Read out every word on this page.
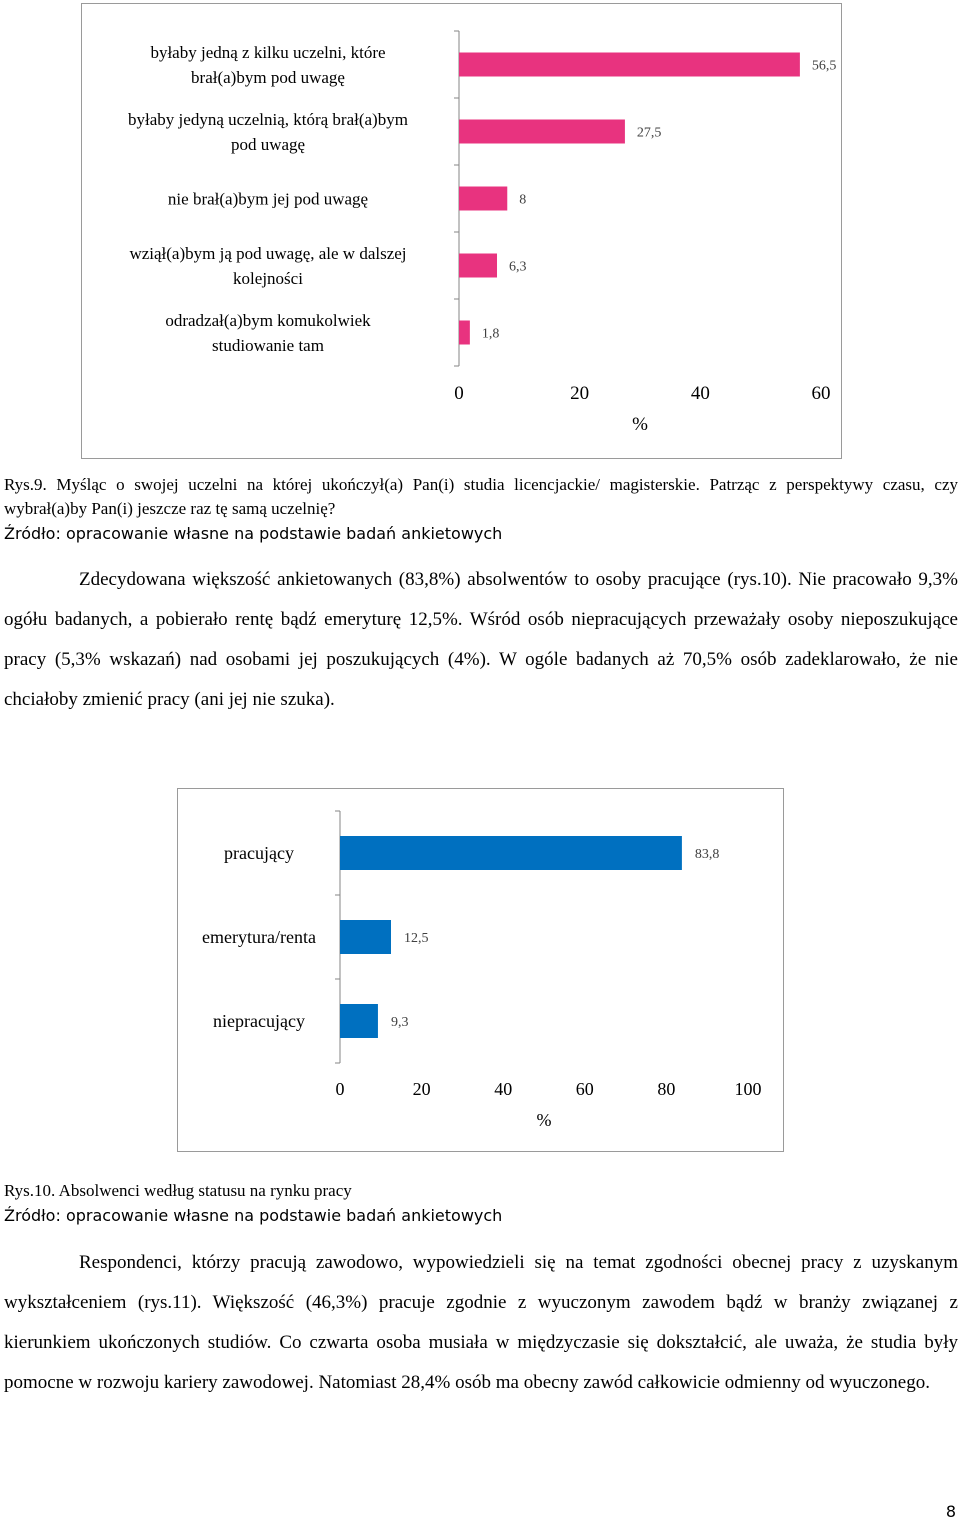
56,5
byłaby jedną z kilku uczelni, które
brał(a)bym pod uwagę
27,5
byłaby jedyną uczelnią, którą brał(a)bym
pod uwagę
8
nie brał(a)bym jej pod uwagę
6,3
wziął(a)bym ją pod uwagę, ale w dalszej
kolejności
1,8
odradzał(a)bym komukolwiek
studiowanie tam
0	20	40	60
%
Rys.9. Myśląc o swojej uczelni na której ukończył(a) Pan(i) studia licencjackie/ magisterskie. Patrząc z perspektywy czasu, czy wybrał(a)by Pan(i) jeszcze raz tę samą uczelnię?
Źródło: opracowanie własne na podstawie badań ankietowych
Zdecydowana większość ankietowanych (83,8%) absolwentów to osoby pracujące (rys.10). Nie pracowało 9,3% ogółu badanych, a pobierało rentę bądź emeryturę 12,5%. Wśród osób niepracujących przeważały osoby nieposzukujące pracy (5,3% wskazań) nad osobami jej poszukujących (4%). W ogóle badanych aż 70,5% osób zadeklarowało, że nie chciałoby zmienić pracy (ani jej nie szuka).
83,8
pracujący
12,5
emerytura/renta
9,3
niepracujący
0	20	40	60	80	100
%
Rys.10. Absolwenci według statusu na rynku pracy
Źródło: opracowanie własne na podstawie badań ankietowych
Respondenci, którzy pracują zawodowo, wypowiedzieli się na temat zgodności obecnej pracy z uzyskanym wykształceniem (rys.11). Większość (46,3%) pracuje zgodnie z wyuczonym zawodem bądź w branży związanej z kierunkiem ukończonych studiów. Co czwarta osoba musiała w międzyczasie się dokształcić, ale uważa, że studia były pomocne w rozwoju kariery zawodowej. Natomiast 28,4% osób ma obecny zawód całkowicie odmienny od wyuczonego.
8
